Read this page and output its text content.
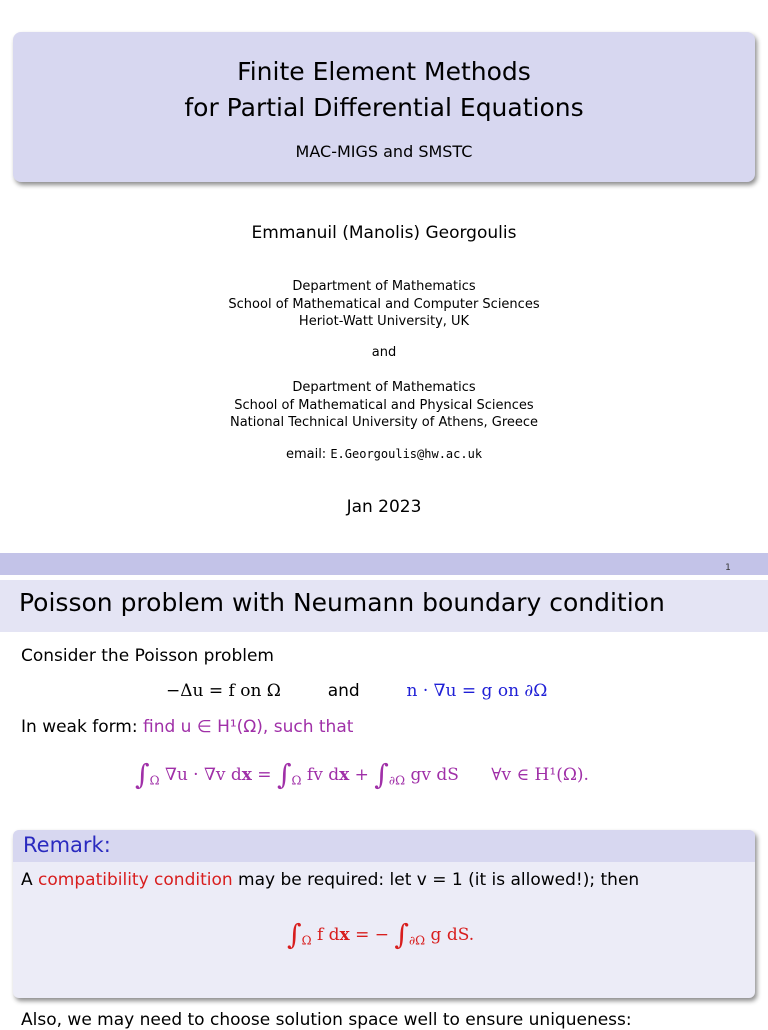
Finite Element Methods
for Partial Differential Equations
MAC-MIGS and SMSTC
Emmanuil (Manolis) Georgoulis
Department of Mathematics
School of Mathematical and Computer Sciences
Heriot-Watt University, UK
and
Department of Mathematics
School of Mathematical and Physical Sciences
National Technical University of Athens, Greece
email: E.Georgoulis@hw.ac.uk
Jan 2023
1
Poisson problem with Neumann boundary condition
Consider the Poisson problem
−Δu = f on Ω	and	n · ∇u = g on ∂Ω
In weak form: find u ∈ H¹(Ω), such that
$\int_\Omega$ ∇u · ∇v dx = $\int_\Omega$ fv dx + $\int_{\partial\Omega}$ gv dS      ∀v ∈ H¹(Ω).
Remark:
A compatibility condition may be required: let v = 1 (it is allowed!); then
$\int_\Omega$ f dx = − $\int_{\partial\Omega}$ g dS.
Also, we may need to choose solution space well to ensure uniqueness:
